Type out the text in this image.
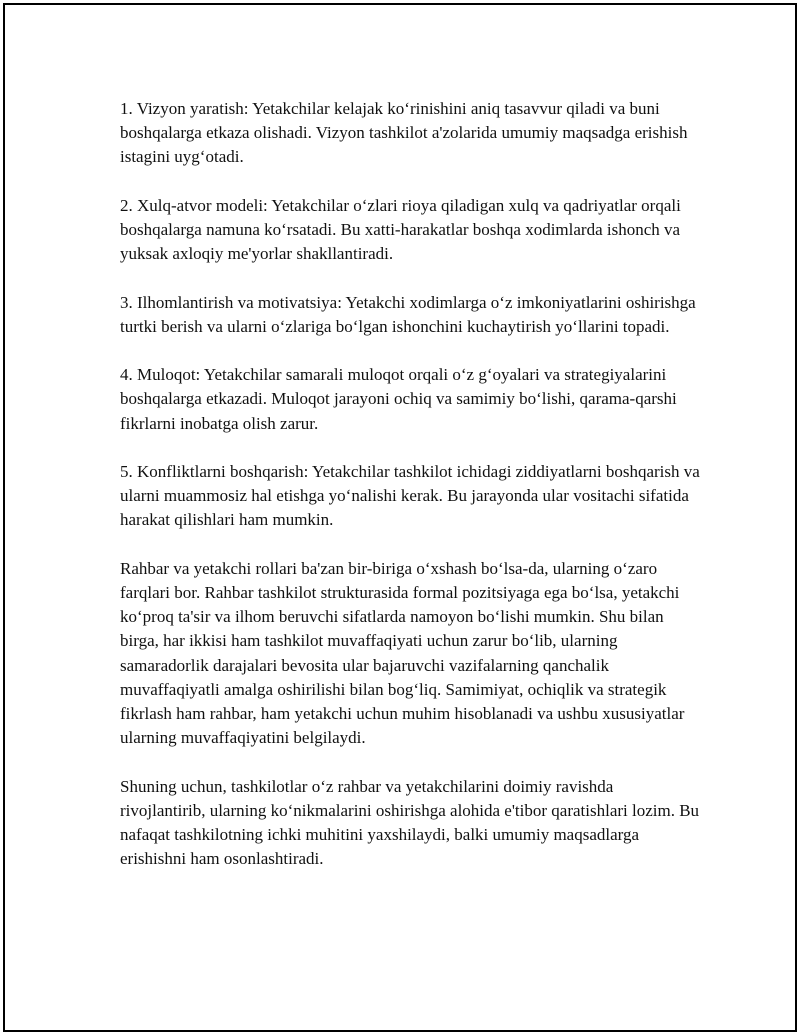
1. Vizyon yaratish: Yetakchilar kelajak koʻrinishini aniq tasavvur qiladi va buni boshqalarga etkaza olishadi. Vizyon tashkilot a'zolarida umumiy maqsadga erishish istagini uygʻotadi.

2. Xulq-atvor modeli: Yetakchilar oʻzlari rioya qiladigan xulq va qadriyatlar orqali boshqalarga namuna koʻrsatadi. Bu xatti-harakatlar boshqa xodimlarda ishonch va yuksak axloqiy me'yorlar shakllantiradi.

3. Ilhomlantirish va motivatsiya: Yetakchi xodimlarga oʻz imkoniyatlarini oshirishga turtki berish va ularni oʻzlariga boʻlgan ishonchini kuchaytirish yoʻllarini topadi.

4. Muloqot: Yetakchilar samarali muloqot orqali oʻz gʻoyalari va strategiyalarini boshqalarga etkazadi. Muloqot jarayoni ochiq va samimiy boʻlishi, qarama-qarshi fikrlarni inobatga olish zarur.

5. Konfliktlarni boshqarish: Yetakchilar tashkilot ichidagi ziddiyatlarni boshqarish va ularni muammosiz hal etishga yoʻnalishi kerak. Bu jarayonda ular vositachi sifatida harakat qilishlari ham mumkin.

Rahbar va yetakchi rollari ba'zan bir-biriga oʻxshash boʻlsa-da, ularning oʻzaro farqlari bor. Rahbar tashkilot strukturasida formal pozitsiyaga ega boʻlsa, yetakchi koʻproq ta'sir va ilhom beruvchi sifatlarda namoyon boʻlishi mumkin. Shu bilan birga, har ikkisi ham tashkilot muvaffaqiyati uchun zarur boʻlib, ularning samaradorlik darajalari bevosita ular bajaruvchi vazifalarning qanchalik muvaffaqiyatli amalga oshirilishi bilan bogʻliq. Samimiyat, ochiqlik va strategik fikrlash ham rahbar, ham yetakchi uchun muhim hisoblanadi va ushbu xususiyatlar ularning muvaffaqiyatini belgilaydi.

Shuning uchun, tashkilotlar oʻz rahbar va yetakchilarini doimiy ravishda rivojlantirib, ularning koʻnikmalarini oshirishga alohida e'tibor qaratishlari lozim. Bu nafaqat tashkilotning ichki muhitini yaxshilaydi, balki umumiy maqsadlarga erishishni ham osonlashtiradi.
